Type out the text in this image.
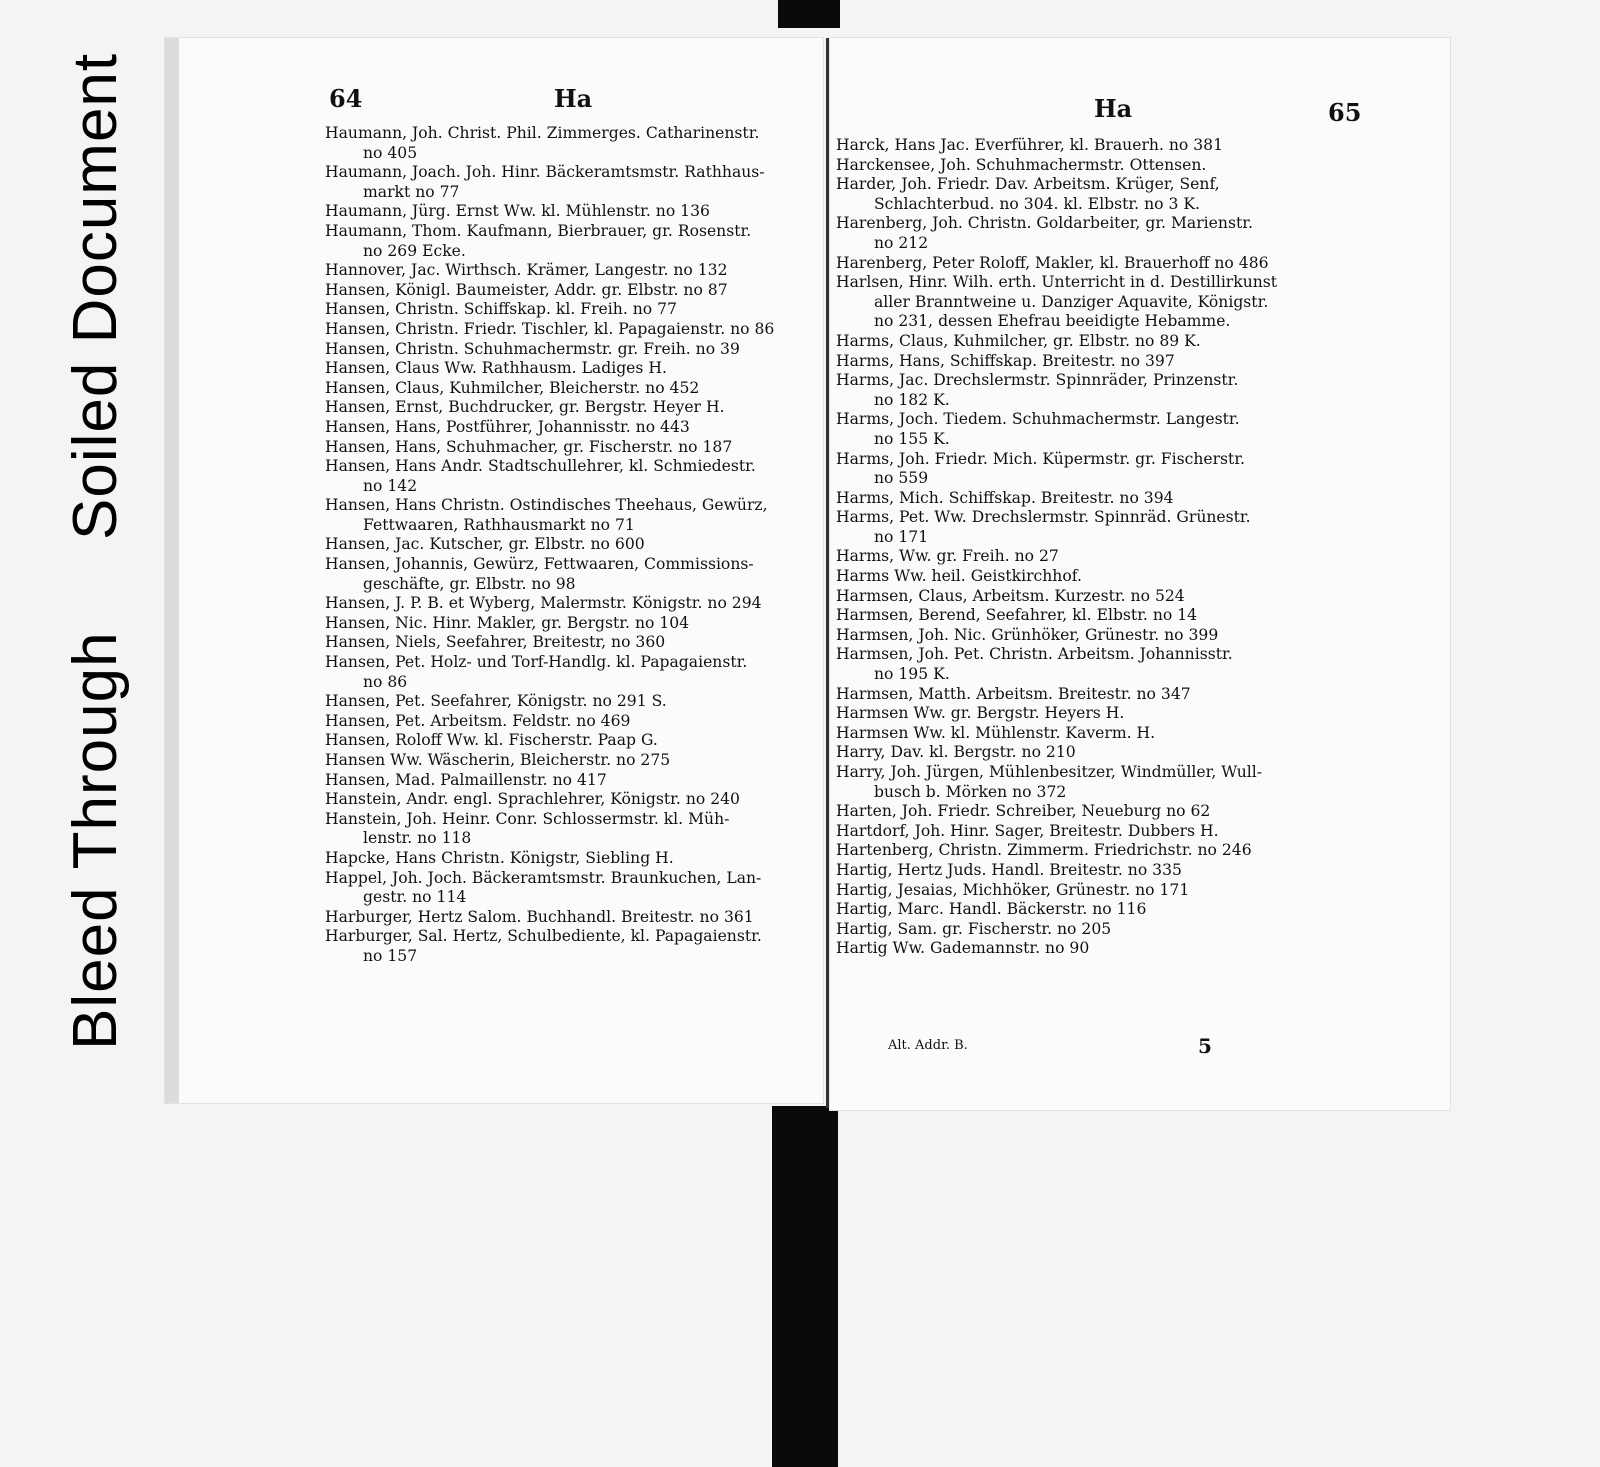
Bleed Through
Soiled Document	64	Ha
Haumann, Joh. Christ. Phil. Zimmerges. Catharinenstr.
no 405
Haumann, Joach. Joh. Hinr. Bäckeramtsmstr. Rathhaus-
markt no 77
Haumann, Jürg. Ernst Ww. kl. Mühlenstr. no 136
Haumann, Thom. Kaufmann, Bierbrauer, gr. Rosenstr.
no 269 Ecke.
Hannover, Jac. Wirthsch. Krämer, Langestr. no 132
Hansen, Königl. Baumeister, Addr. gr. Elbstr. no 87
Hansen, Christn. Schiffskap. kl. Freih. no 77
Hansen, Christn. Friedr. Tischler, kl. Papagaienstr. no 86
Hansen, Christn. Schuhmachermstr. gr. Freih. no 39
Hansen, Claus Ww. Rathhausm. Ladiges H.
Hansen, Claus, Kuhmilcher, Bleicherstr. no 452
Hansen, Ernst, Buchdrucker, gr. Bergstr. Heyer H.
Hansen, Hans, Postführer, Johannisstr. no 443
Hansen, Hans, Schuhmacher, gr. Fischerstr. no 187
Hansen, Hans Andr. Stadtschullehrer, kl. Schmiedestr.
no 142
Hansen, Hans Christn. Ostindisches Theehaus, Gewürz,
Fettwaaren, Rathhausmarkt no 71
Hansen, Jac. Kutscher, gr. Elbstr. no 600
Hansen, Johannis, Gewürz, Fettwaaren, Commissions-
geschäfte, gr. Elbstr. no 98
Hansen, J. P. B. et Wyberg, Malermstr. Königstr. no 294
Hansen, Nic. Hinr. Makler, gr. Bergstr. no 104
Hansen, Niels, Seefahrer, Breitestr, no 360
Hansen, Pet. Holz- und Torf-Handlg. kl. Papagaienstr.
no 86
Hansen, Pet. Seefahrer, Königstr. no 291 S.
Hansen, Pet. Arbeitsm. Feldstr. no 469
Hansen, Roloff Ww. kl. Fischerstr. Paap G.
Hansen Ww. Wäscherin, Bleicherstr. no 275
Hansen, Mad. Palmaillenstr. no 417
Hanstein, Andr. engl. Sprachlehrer, Königstr. no 240
Hanstein, Joh. Heinr. Conr. Schlossermstr. kl. Müh-
lenstr. no 118
Hapcke, Hans Christn. Königstr, Siebling H.
Happel, Joh. Joch. Bäckeramtsmstr. Braunkuchen, Lan-
gestr. no 114
Harburger, Hertz Salom. Buchhandl. Breitestr. no 361
Harburger, Sal. Hertz, Schulbediente, kl. Papagaienstr.
no 157
Ha	65
Harck, Hans Jac. Everführer, kl. Brauerh. no 381
Harckensee, Joh. Schuhmachermstr. Ottensen.
Harder, Joh. Friedr. Dav. Arbeitsm. Krüger, Senf,
Schlachterbud. no 304. kl. Elbstr. no 3 K.
Harenberg, Joh. Christn. Goldarbeiter, gr. Marienstr.
no 212
Harenberg, Peter Roloff, Makler, kl. Brauerhoff no 486
Harlsen, Hinr. Wilh. erth. Unterricht in d. Destillirkunst
aller Branntweine u. Danziger Aquavite, Königstr.
no 231, dessen Ehefrau beeidigte Hebamme.
Harms, Claus, Kuhmilcher, gr. Elbstr. no 89 K.
Harms, Hans, Schiffskap. Breitestr. no 397
Harms, Jac. Drechslermstr. Spinnräder, Prinzenstr.
no 182 K.
Harms, Joch. Tiedem. Schuhmachermstr. Langestr.
no 155 K.
Harms, Joh. Friedr. Mich. Küpermstr. gr. Fischerstr.
no 559
Harms, Mich. Schiffskap. Breitestr. no 394
Harms, Pet. Ww. Drechslermstr. Spinnräd. Grünestr.
no 171
Harms, Ww. gr. Freih. no 27
Harms Ww. heil. Geistkirchhof.
Harmsen, Claus, Arbeitsm. Kurzestr. no 524
Harmsen, Berend, Seefahrer, kl. Elbstr. no 14
Harmsen, Joh. Nic. Grünhöker, Grünestr. no 399
Harmsen, Joh. Pet. Christn. Arbeitsm. Johannisstr.
no 195 K.
Harmsen, Matth. Arbeitsm. Breitestr. no 347
Harmsen Ww. gr. Bergstr. Heyers H.
Harmsen Ww. kl. Mühlenstr. Kaverm. H.
Harry, Dav. kl. Bergstr. no 210
Harry, Joh. Jürgen, Mühlenbesitzer, Windmüller, Wull-
busch b. Mörken no 372
Harten, Joh. Friedr. Schreiber, Neueburg no 62
Hartdorf, Joh. Hinr. Sager, Breitestr. Dubbers H.
Hartenberg, Christn. Zimmerm. Friedrichstr. no 246
Hartig, Hertz Juds. Handl. Breitestr. no 335
Hartig, Jesaias, Michhöker, Grünestr. no 171
Hartig, Marc. Handl. Bäckerstr. no 116
Hartig, Sam. gr. Fischerstr. no 205
Hartig Ww. Gademannstr. no 90
Alt. Addr. B.	5
